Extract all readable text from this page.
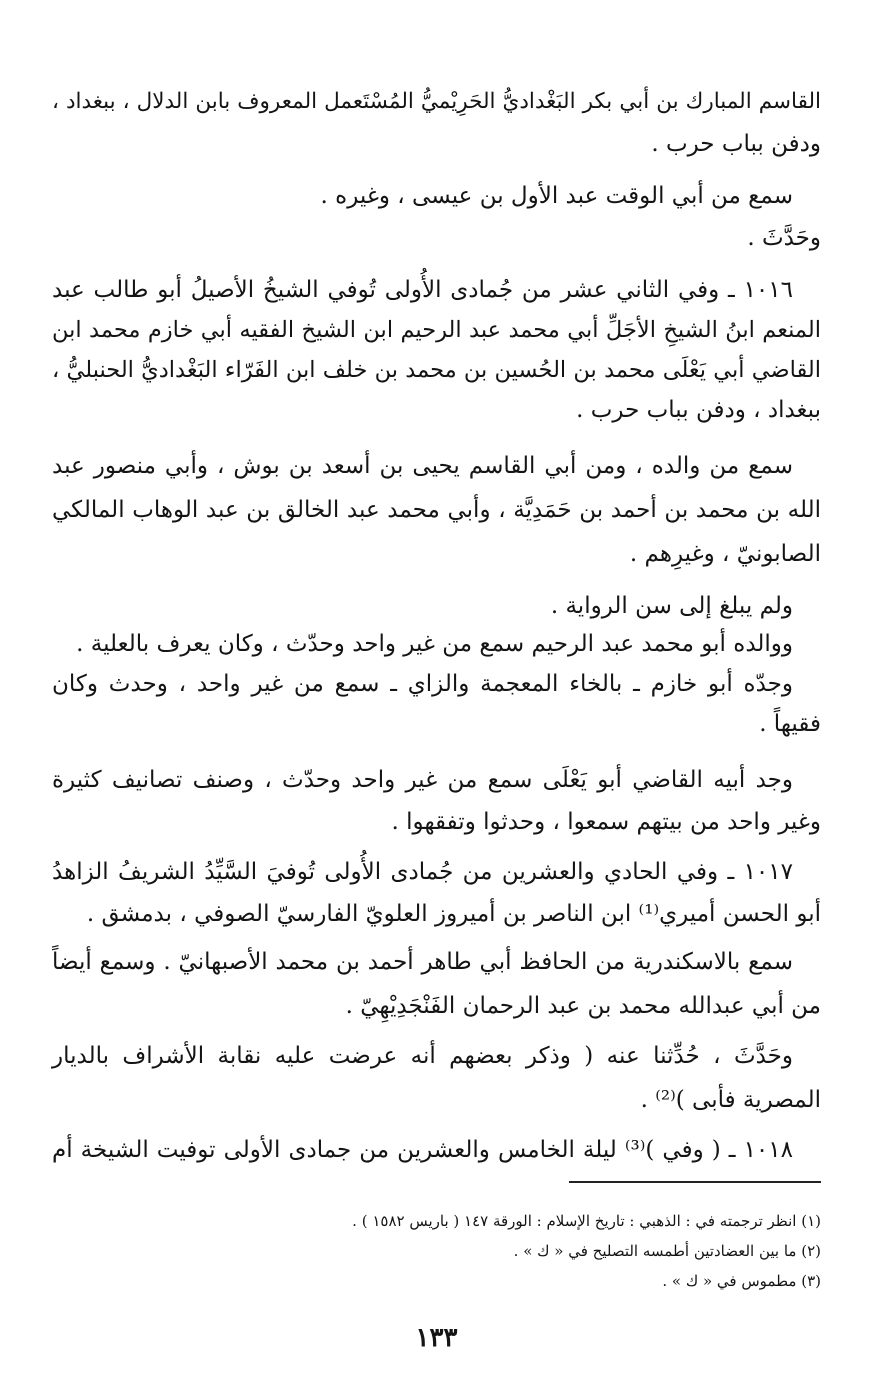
القاسم المبارك بن أبي بكر البَغْداديُّ الحَرِيْميُّ المُسْتَعمل المعروف بابن الدلال ، ببغداد ،
ودفن بباب حرب .
سمع من أبي الوقت عبد الأول بن عيسى ، وغيره .
وحَدَّثَ .
١٠١٦ ـ وفي الثاني عشر من جُمادى الأُولى تُوفي الشيخُ الأصيلُ أبو طالب عبد
المنعم ابنُ الشيخِ الأجَلِّ أبي محمد عبد الرحيم ابن الشيخ الفقيه أبي خازم محمد ابن
القاضي أبي يَعْلَى محمد بن الحُسين بن محمد بن خلف ابن الفَرّاء البَغْداديُّ الحنبليُّ ،
ببغداد ، ودفن بباب حرب .
سمع من والده ، ومن أبي القاسم يحيى بن أسعد بن بوش ، وأبي منصور عبد
الله بن محمد بن أحمد بن حَمَدِيَّة ، وأبي محمد عبد الخالق بن عبد الوهاب المالكي
الصابونيّ ، وغيرِهم .
ولم يبلغ إلى سن الرواية .
ووالده أبو محمد عبد الرحيم سمع من غير واحد وحدّث ، وكان يعرف بالعلية .
وجدّه أبو خازم ـ بالخاء المعجمة والزاي ـ سمع من غير واحد ، وحدث وكان
فقيهاً .
وجد أبيه القاضي أبو يَعْلَى سمع من غير واحد وحدّث ، وصنف تصانيف كثيرة
وغير واحد من بيتهم سمعوا ، وحدثوا وتفقهوا .
١٠١٧ ـ وفي الحادي والعشرين من جُمادى الأُولى تُوفيَ السَّيِّدُ الشريفُ الزاهدُ
أبو الحسن أميري⁽¹⁾ ابن الناصر بن أميروز العلويّ الفارسيّ الصوفي ، بدمشق .
سمع بالاسكندرية من الحافظ أبي طاهر أحمد بن محمد الأصبهانيّ . وسمع أيضاً
من أبي عبدالله محمد بن عبد الرحمان الفَنْجَدِيْهِيّ .
وحَدَّثَ ، حُدِّثنا عنه ( وذكر بعضهم أنه عرضت عليه نقابة الأشراف بالديار
المصرية فأبى )⁽²⁾ .
١٠١٨ ـ ( وفي )⁽³⁾ ليلة الخامس والعشرين من جمادى الأولى توفيت الشيخة أم
(١) انظر ترجمته في : الذهبي : تاريخ الإسلام : الورقة ١٤٧ ( باريس ١٥٨٢ ) .
(٢) ما بين العضادتين أطمسه التصليح في « ك » .
(٣) مطموس في « ك » .
١٣٣
